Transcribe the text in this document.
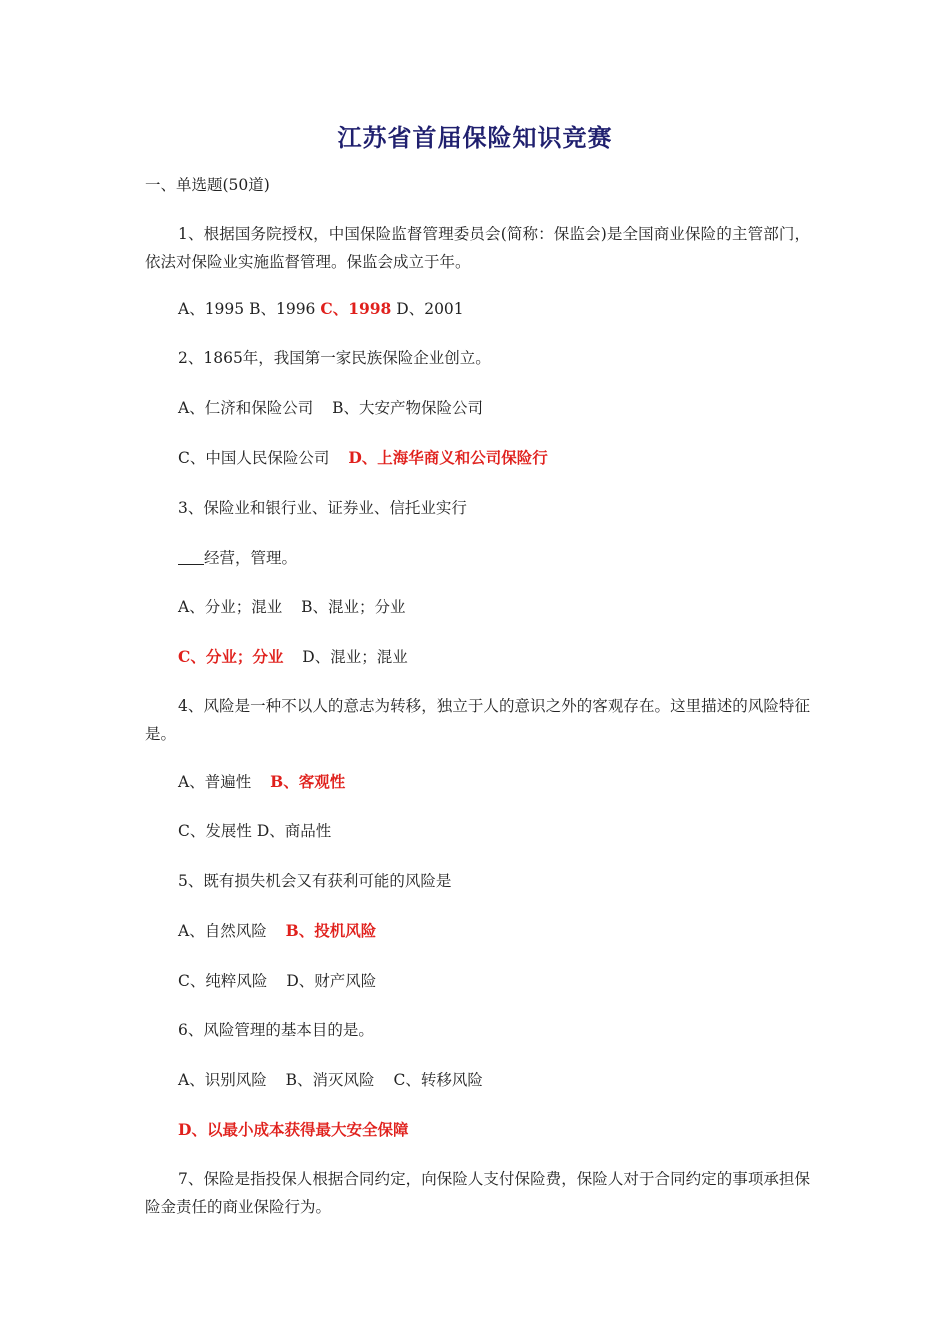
江苏省首届保险知识竞赛
一、单选题(50道)
1、根据国务院授权，中国保险监督管理委员会(简称：保监会)是全国商业保险的主管部门，依法对保险业实施监督管理。保监会成立于年。
A、1995 B、1996 C、1998 D、2001
2、1865年，我国第一家民族保险企业创立。
A、仁济和保险公司 B、大安产物保险公司
C、中国人民保险公司 D、上海华商义和公司保险行
3、保险业和银行业、证券业、信托业实行
经营，管理。
A、分业；混业 B、混业；分业
C、分业；分业 D、混业；混业
4、风险是一种不以人的意志为转移，独立于人的意识之外的客观存在。这里描述的风险特征是。
A、普遍性 B、客观性
C、发展性 D、商品性
5、既有损失机会又有获利可能的风险是
A、自然风险 B、投机风险
C、纯粹风险 D、财产风险
6、风险管理的基本目的是。
A、识别风险 B、消灭风险 C、转移风险
D、以最小成本获得最大安全保障
7、保险是指投保人根据合同约定，向保险人支付保险费，保险人对于合同约定的事项承担保险金责任的商业保险行为。
